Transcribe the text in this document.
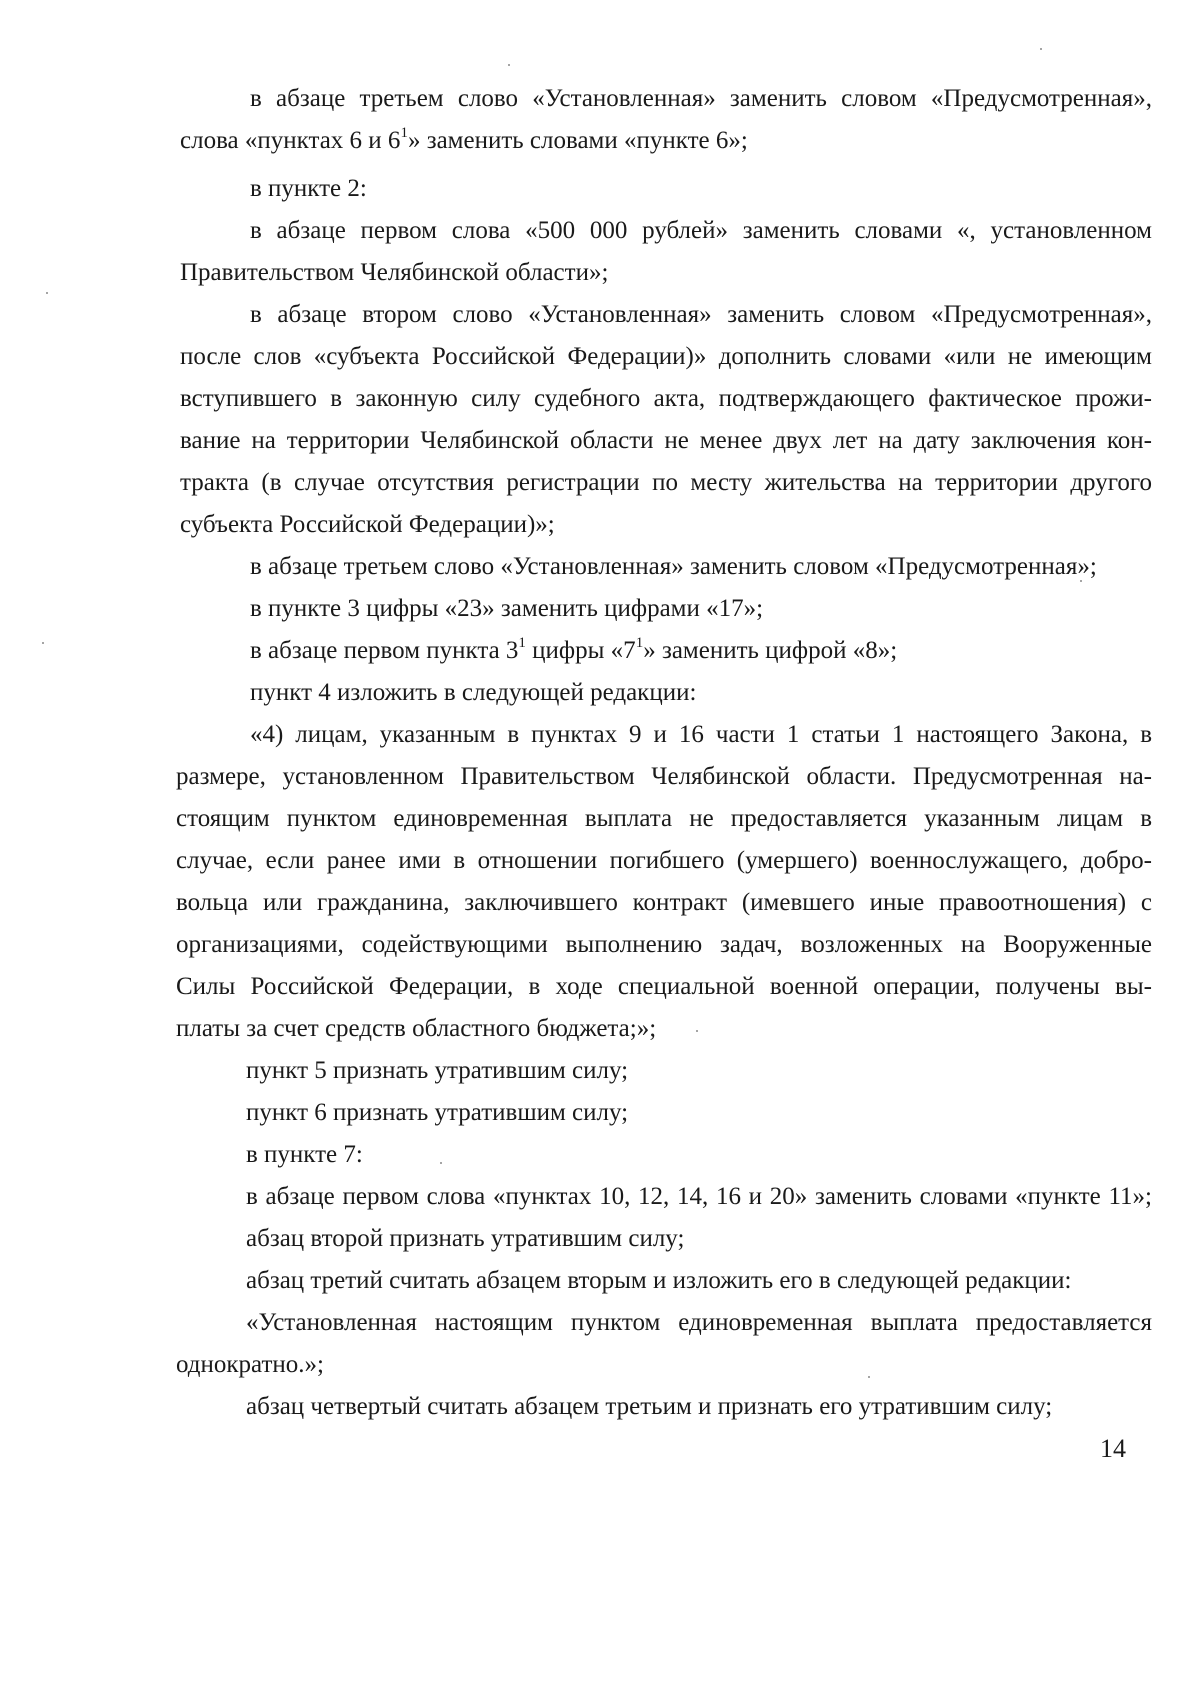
в абзаце третьем слово «Установленная» заменить словом «Предусмотренная»,
слова «пунктах 6 и $6^1$» заменить словами «пункте 6»;
в пункте 2:
в абзаце первом слова «500 000 рублей» заменить словами «, установленном
Правительством Челябинской области»;
в абзаце втором слово «Установленная» заменить словом «Предусмотренная»,
после слов «субъекта Российской Федерации)» дополнить словами «или не имеющим
вступившего в законную силу судебного акта, подтверждающего фактическое прожи-
вание на территории Челябинской области не менее двух лет на дату заключения кон-
тракта (в случае отсутствия регистрации по месту жительства на территории другого
субъекта Российской Федерации)»;
в абзаце третьем слово «Установленная» заменить словом «Предусмотренная»;
в пункте 3 цифры «23» заменить цифрами «17»;
в абзаце первом пункта $3^1$ цифры «$7^1$» заменить цифрой «8»;
пункт 4 изложить в следующей редакции:
«4) лицам, указанным в пунктах 9 и 16 части 1 статьи 1 настоящего Закона, в
размере, установленном Правительством Челябинской области. Предусмотренная на-
стоящим пунктом единовременная выплата не предоставляется указанным лицам в
случае, если ранее ими в отношении погибшего (умершего) военнослужащего, добро-
вольца или гражданина, заключившего контракт (имевшего иные правоотношения) с
организациями, содействующими выполнению задач, возложенных на Вооруженные
Силы Российской Федерации, в ходе специальной военной операции, получены вы-
платы за счет средств областного бюджета;»;
пункт 5 признать утратившим силу;
пункт 6 признать утратившим силу;
в пункте 7:
в абзаце первом слова «пунктах 10, 12, 14, 16 и 20» заменить словами «пункте 11»;
абзац второй признать утратившим силу;
абзац третий считать абзацем вторым и изложить его в следующей редакции:
«Установленная настоящим пунктом единовременная выплата предоставляется
однократно.»;
абзац четвертый считать абзацем третьим и признать его утратившим силу;
14
